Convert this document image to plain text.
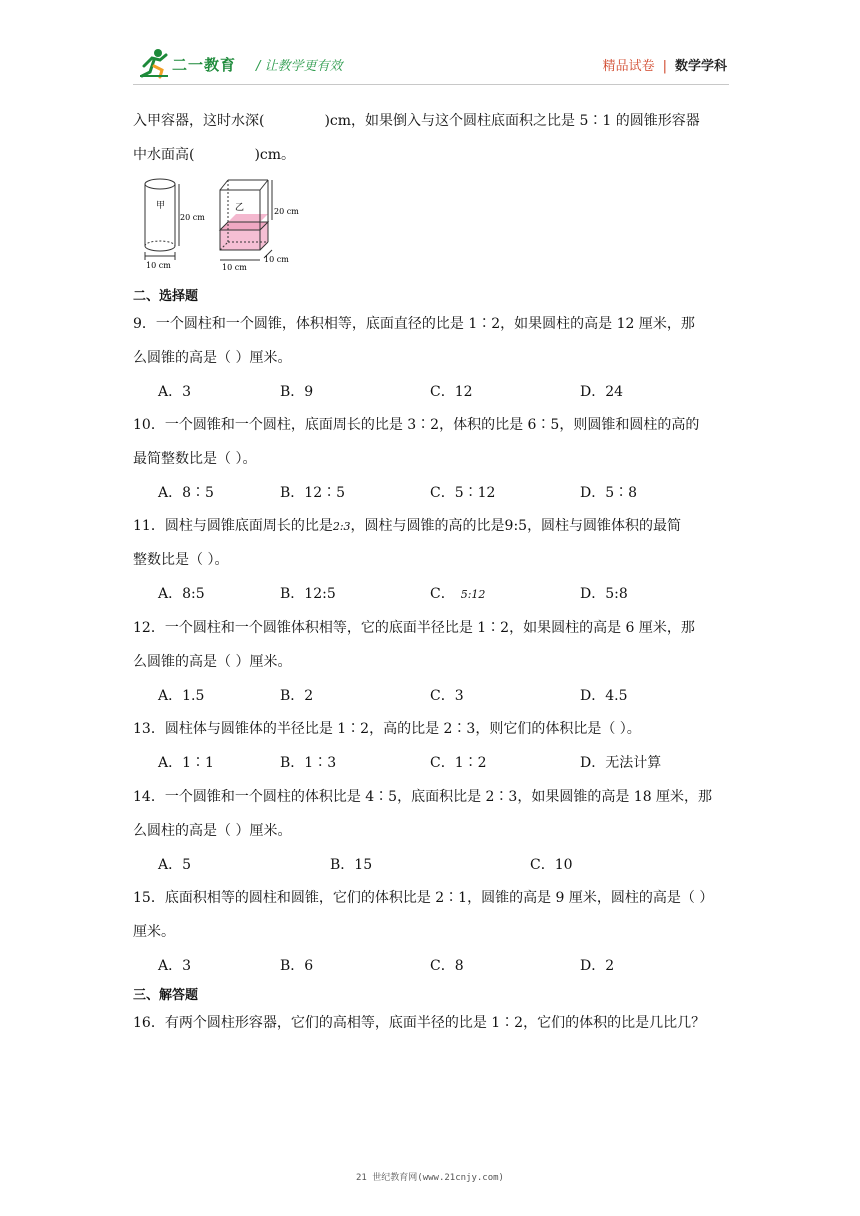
二一教育 / 让教学更有效	精品试卷 | 数学学科
入甲容器，这时水深(	)cm，如果倒入与这个圆柱底面积之比是 5∶1 的圆锥形容器
中水面高(	)cm。
甲
20 cm
10 cm
乙	20 cm
10 cm
10 cm
二、选择题
9．一个圆柱和一个圆锥，体积相等，底面直径的比是 1∶2，如果圆柱的高是 12 厘米，那
么圆锥的高是（ ）厘米。
A．3	B．9	C．12	D．24
10．一个圆锥和一个圆柱，底面周长的比是 3∶2，体积的比是 6∶5，则圆锥和圆柱的高的
最简整数比是（ ）。
A．8∶5	B．12∶5	C．5∶12	D．5∶8
11．圆柱与圆锥底面周长的比是2:3，圆柱与圆锥的高的比是9:5，圆柱与圆锥体积的最简
整数比是（ ）。
A．8:5	B．12:5	C． 5:12	D．5:8
12．一个圆柱和一个圆锥体积相等，它的底面半径比是 1∶2，如果圆柱的高是 6 厘米，那
么圆锥的高是（ ）厘米。
A．1.5	B．2	C．3	D．4.5
13．圆柱体与圆锥体的半径比是 1∶2，高的比是 2∶3，则它们的体积比是（ ）。
A．1∶1	B．1∶3	C．1∶2	D．无法计算
14．一个圆锥和一个圆柱的体积比是 4∶5，底面积比是 2∶3，如果圆锥的高是 18 厘米，那
么圆柱的高是（ ）厘米。
A．5	B．15	C．10
15．底面积相等的圆柱和圆锥，它们的体积比是 2∶1，圆锥的高是 9 厘米，圆柱的高是（ ）
厘米。
A．3	B．6	C．8	D．2
三、解答题
16．有两个圆柱形容器，它们的高相等，底面半径的比是 1∶2，它们的体积的比是几比几？
21 世纪教育网(www.21cnjy.com)
